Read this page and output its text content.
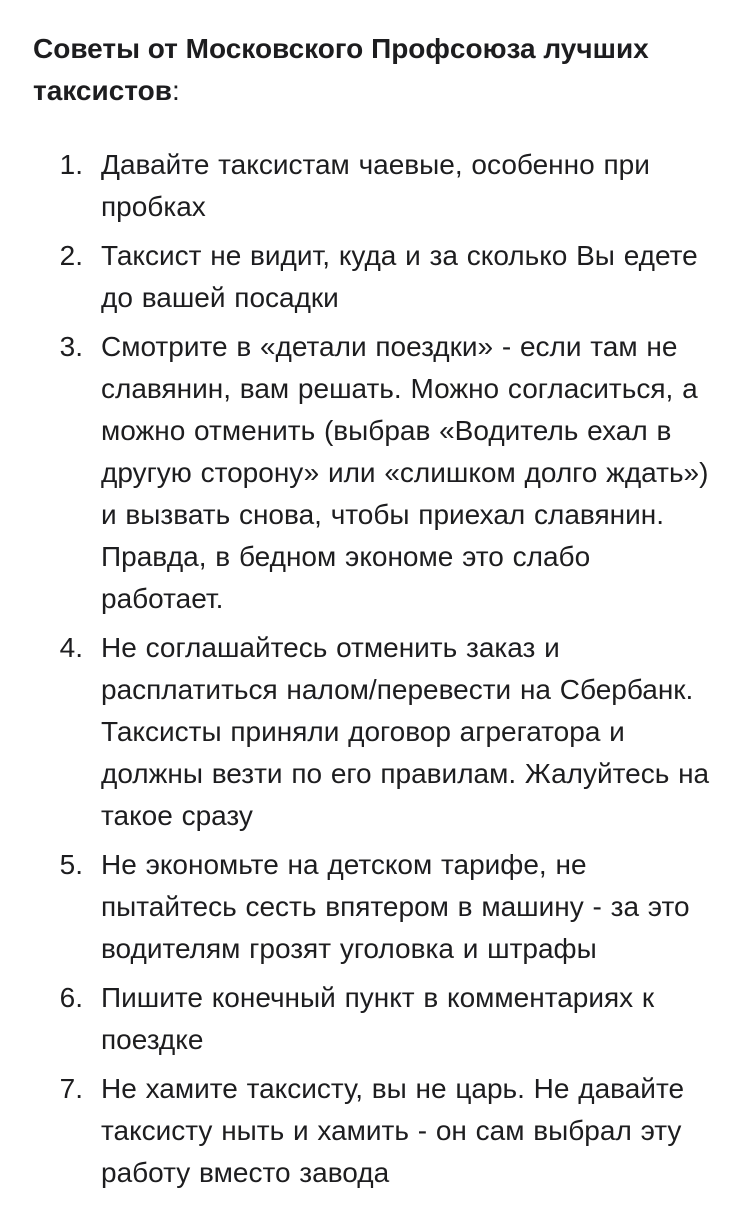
Советы от Московского Профсоюза лучших таксистов:
1. Давайте таксистам чаевые, особенно при пробках
2. Таксист не видит, куда и за сколько Вы едете до вашей посадки
3. Смотрите в «детали поездки» - если там не славянин, вам решать. Можно согласиться, а можно отменить (выбрав «Водитель ехал в другую сторону» или «слишком долго ждать») и вызвать снова, чтобы приехал славянин. Правда, в бедном экономе это слабо работает.
4. Не соглашайтесь отменить заказ и расплатиться налом/перевести на Сбербанк. Таксисты приняли договор агрегатора и должны везти по его правилам. Жалуйтесь на такое сразу
5. Не экономьте на детском тарифе, не пытайтесь сесть впятером в машину - за это водителям грозят уголовка и штрафы
6. Пишите конечный пункт в комментариях к поездке
7. Не хамите таксисту, вы не царь. Не давайте таксисту ныть и хамить - он сам выбрал эту работу вместо завода
